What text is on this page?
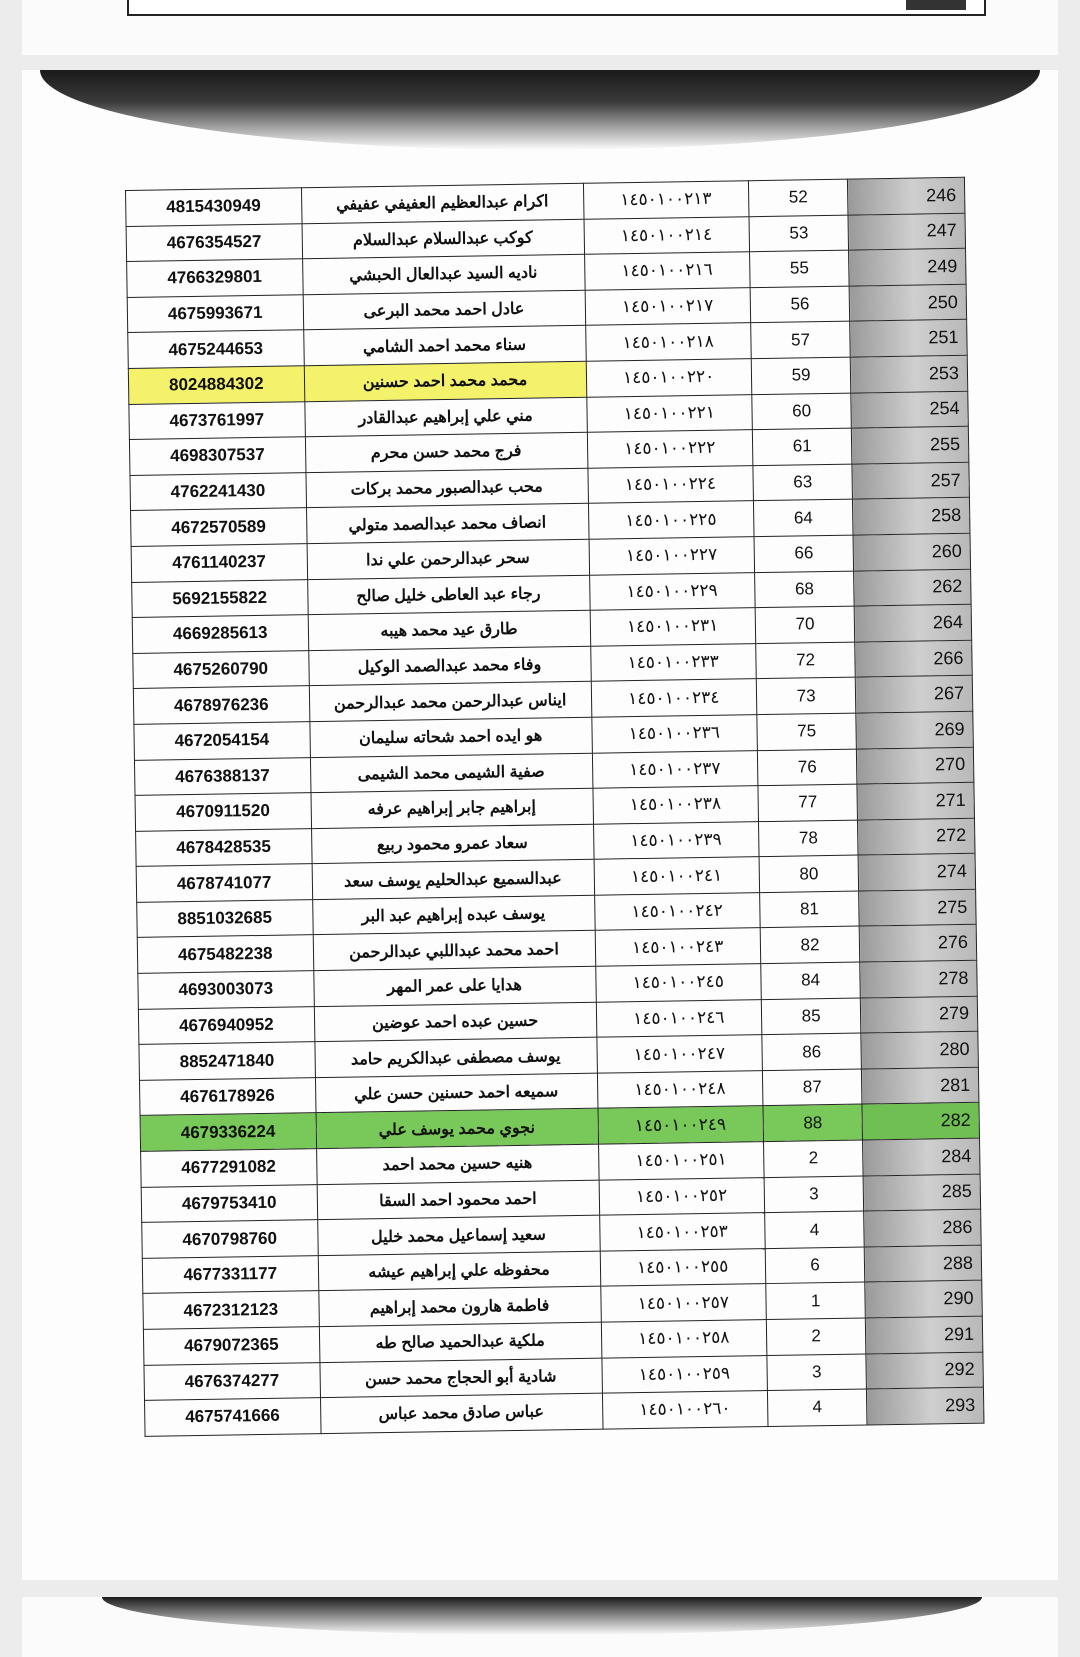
4815430949	اكرام عبدالعظيم العفيفي عفيفي	١٤٥٠١٠٠٢١٣	52	246
4676354527	كوكب عبدالسلام عبدالسلام	١٤٥٠١٠٠٢١٤	53	247
4766329801	ناديه السيد عبدالعال الحبشي	١٤٥٠١٠٠٢١٦	55	249
4675993671	عادل احمد محمد البرعى	١٤٥٠١٠٠٢١٧	56	250
4675244653	سناء محمد احمد الشامي	١٤٥٠١٠٠٢١٨	57	251
8024884302	محمد محمد احمد حسنين	١٤٥٠١٠٠٢٢٠	59	253
4673761997	مني علي إبراهيم عبدالقادر	١٤٥٠١٠٠٢٢١	60	254
4698307537	فرج محمد حسن محرم	١٤٥٠١٠٠٢٢٢	61	255
4762241430	محب عبدالصبور محمد بركات	١٤٥٠١٠٠٢٢٤	63	257
4672570589	انصاف محمد عبدالصمد متولي	١٤٥٠١٠٠٢٢٥	64	258
4761140237	سحر عبدالرحمن علي ندا	١٤٥٠١٠٠٢٢٧	66	260
5692155822	رجاء عبد العاطى خليل صالح	١٤٥٠١٠٠٢٢٩	68	262
4669285613	طارق عيد محمد هيبه	١٤٥٠١٠٠٢٣١	70	264
4675260790	وفاء محمد عبدالصمد الوكيل	١٤٥٠١٠٠٢٣٣	72	266
4678976236	ايناس عبدالرحمن محمد عبدالرحمن	١٤٥٠١٠٠٢٣٤	73	267
4672054154	هو ايده احمد شحاته سليمان	١٤٥٠١٠٠٢٣٦	75	269
4676388137	صفية الشيمى محمد الشيمى	١٤٥٠١٠٠٢٣٧	76	270
4670911520	إبراهيم جابر إبراهيم عرفه	١٤٥٠١٠٠٢٣٨	77	271
4678428535	سعاد عمرو محمود ربيع	١٤٥٠١٠٠٢٣٩	78	272
4678741077	عبدالسميع عبدالحليم يوسف سعد	١٤٥٠١٠٠٢٤١	80	274
8851032685	يوسف عبده إبراهيم عبد البر	١٤٥٠١٠٠٢٤٢	81	275
4675482238	احمد محمد عبداللبي عبدالرحمن	١٤٥٠١٠٠٢٤٣	82	276
4693003073	هدايا على عمر المهر	١٤٥٠١٠٠٢٤٥	84	278
4676940952	حسين عبده احمد عوضين	١٤٥٠١٠٠٢٤٦	85	279
8852471840	يوسف مصطفى عبدالكريم حامد	١٤٥٠١٠٠٢٤٧	86	280
4676178926	سميعه احمد حسنين حسن علي	١٤٥٠١٠٠٢٤٨	87	281
4679336224	نجوي محمد يوسف علي	١٤٥٠١٠٠٢٤٩	88	282
4677291082	هنيه حسين محمد احمد	١٤٥٠١٠٠٢٥١	2	284
4679753410	احمد محمود احمد السقا	١٤٥٠١٠٠٢٥٢	3	285
4670798760	سعيد إسماعيل محمد خليل	١٤٥٠١٠٠٢٥٣	4	286
4677331177	محفوظه علي إبراهيم عيشه	١٤٥٠١٠٠٢٥٥	6	288
4672312123	فاطمة هارون محمد إبراهيم	١٤٥٠١٠٠٢٥٧	1	290
4679072365	ملكية عبدالحميد صالح طه	١٤٥٠١٠٠٢٥٨	2	291
4676374277	شادية أبو الحجاج محمد حسن	١٤٥٠١٠٠٢٥٩	3	292
4675741666	عباس صادق محمد عباس	١٤٥٠١٠٠٢٦٠	4	293
